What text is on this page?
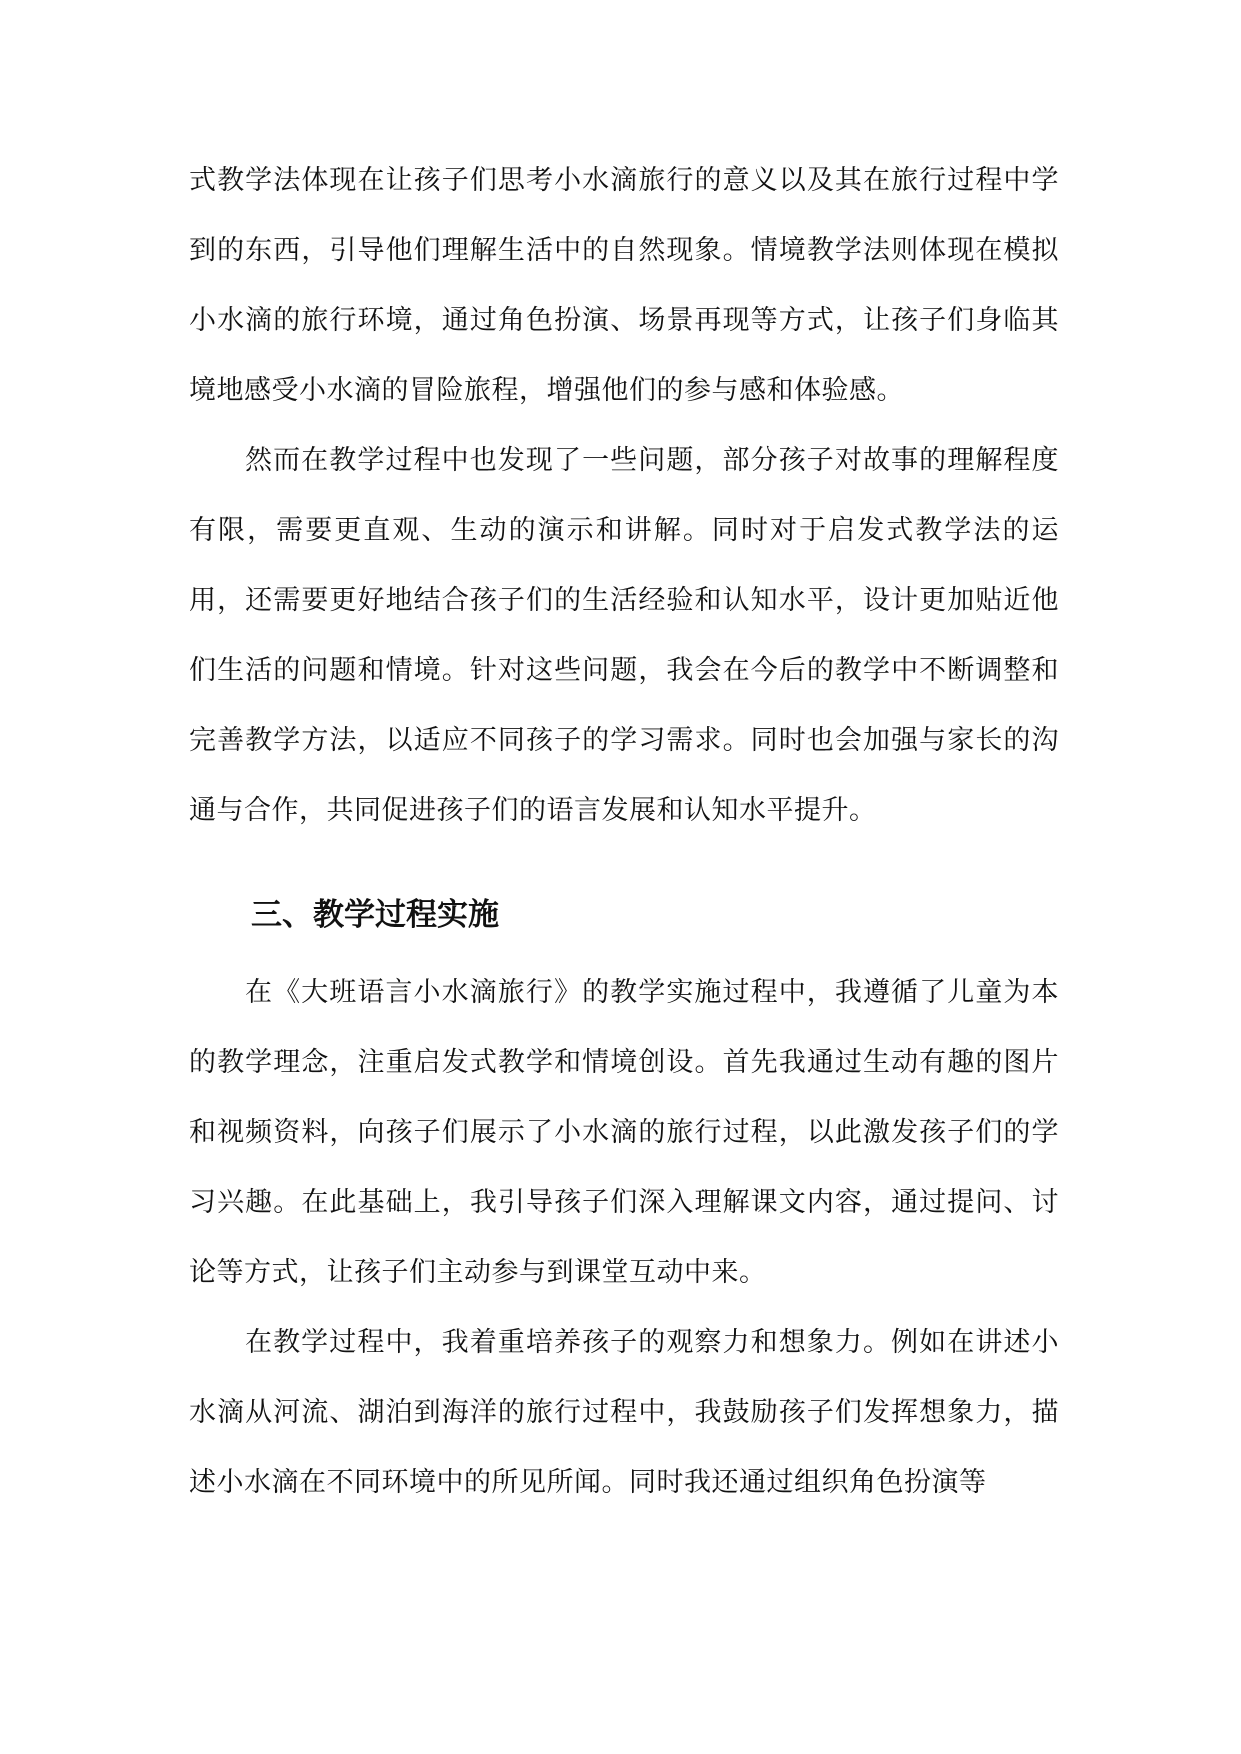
式教学法体现在让孩子们思考小水滴旅行的意义以及其在旅行过程中学到的东西，引导他们理解生活中的自然现象。情境教学法则体现在模拟小水滴的旅行环境，通过角色扮演、场景再现等方式，让孩子们身临其境地感受小水滴的冒险旅程，增强他们的参与感和体验感。

然而在教学过程中也发现了一些问题，部分孩子对故事的理解程度有限，需要更直观、生动的演示和讲解。同时对于启发式教学法的运用，还需要更好地结合孩子们的生活经验和认知水平，设计更加贴近他们生活的问题和情境。针对这些问题，我会在今后的教学中不断调整和完善教学方法，以适应不同孩子的学习需求。同时也会加强与家长的沟通与合作，共同促进孩子们的语言发展和认知水平提升。

三、教学过程实施

在《大班语言小水滴旅行》的教学实施过程中，我遵循了儿童为本的教学理念，注重启发式教学和情境创设。首先我通过生动有趣的图片和视频资料，向孩子们展示了小水滴的旅行过程，以此激发孩子们的学习兴趣。在此基础上，我引导孩子们深入理解课文内容，通过提问、讨论等方式，让孩子们主动参与到课堂互动中来。

在教学过程中，我着重培养孩子的观察力和想象力。例如在讲述小水滴从河流、湖泊到海洋的旅行过程中，我鼓励孩子们发挥想象力，描述小水滴在不同环境中的所见所闻。同时我还通过组织角色扮演等
